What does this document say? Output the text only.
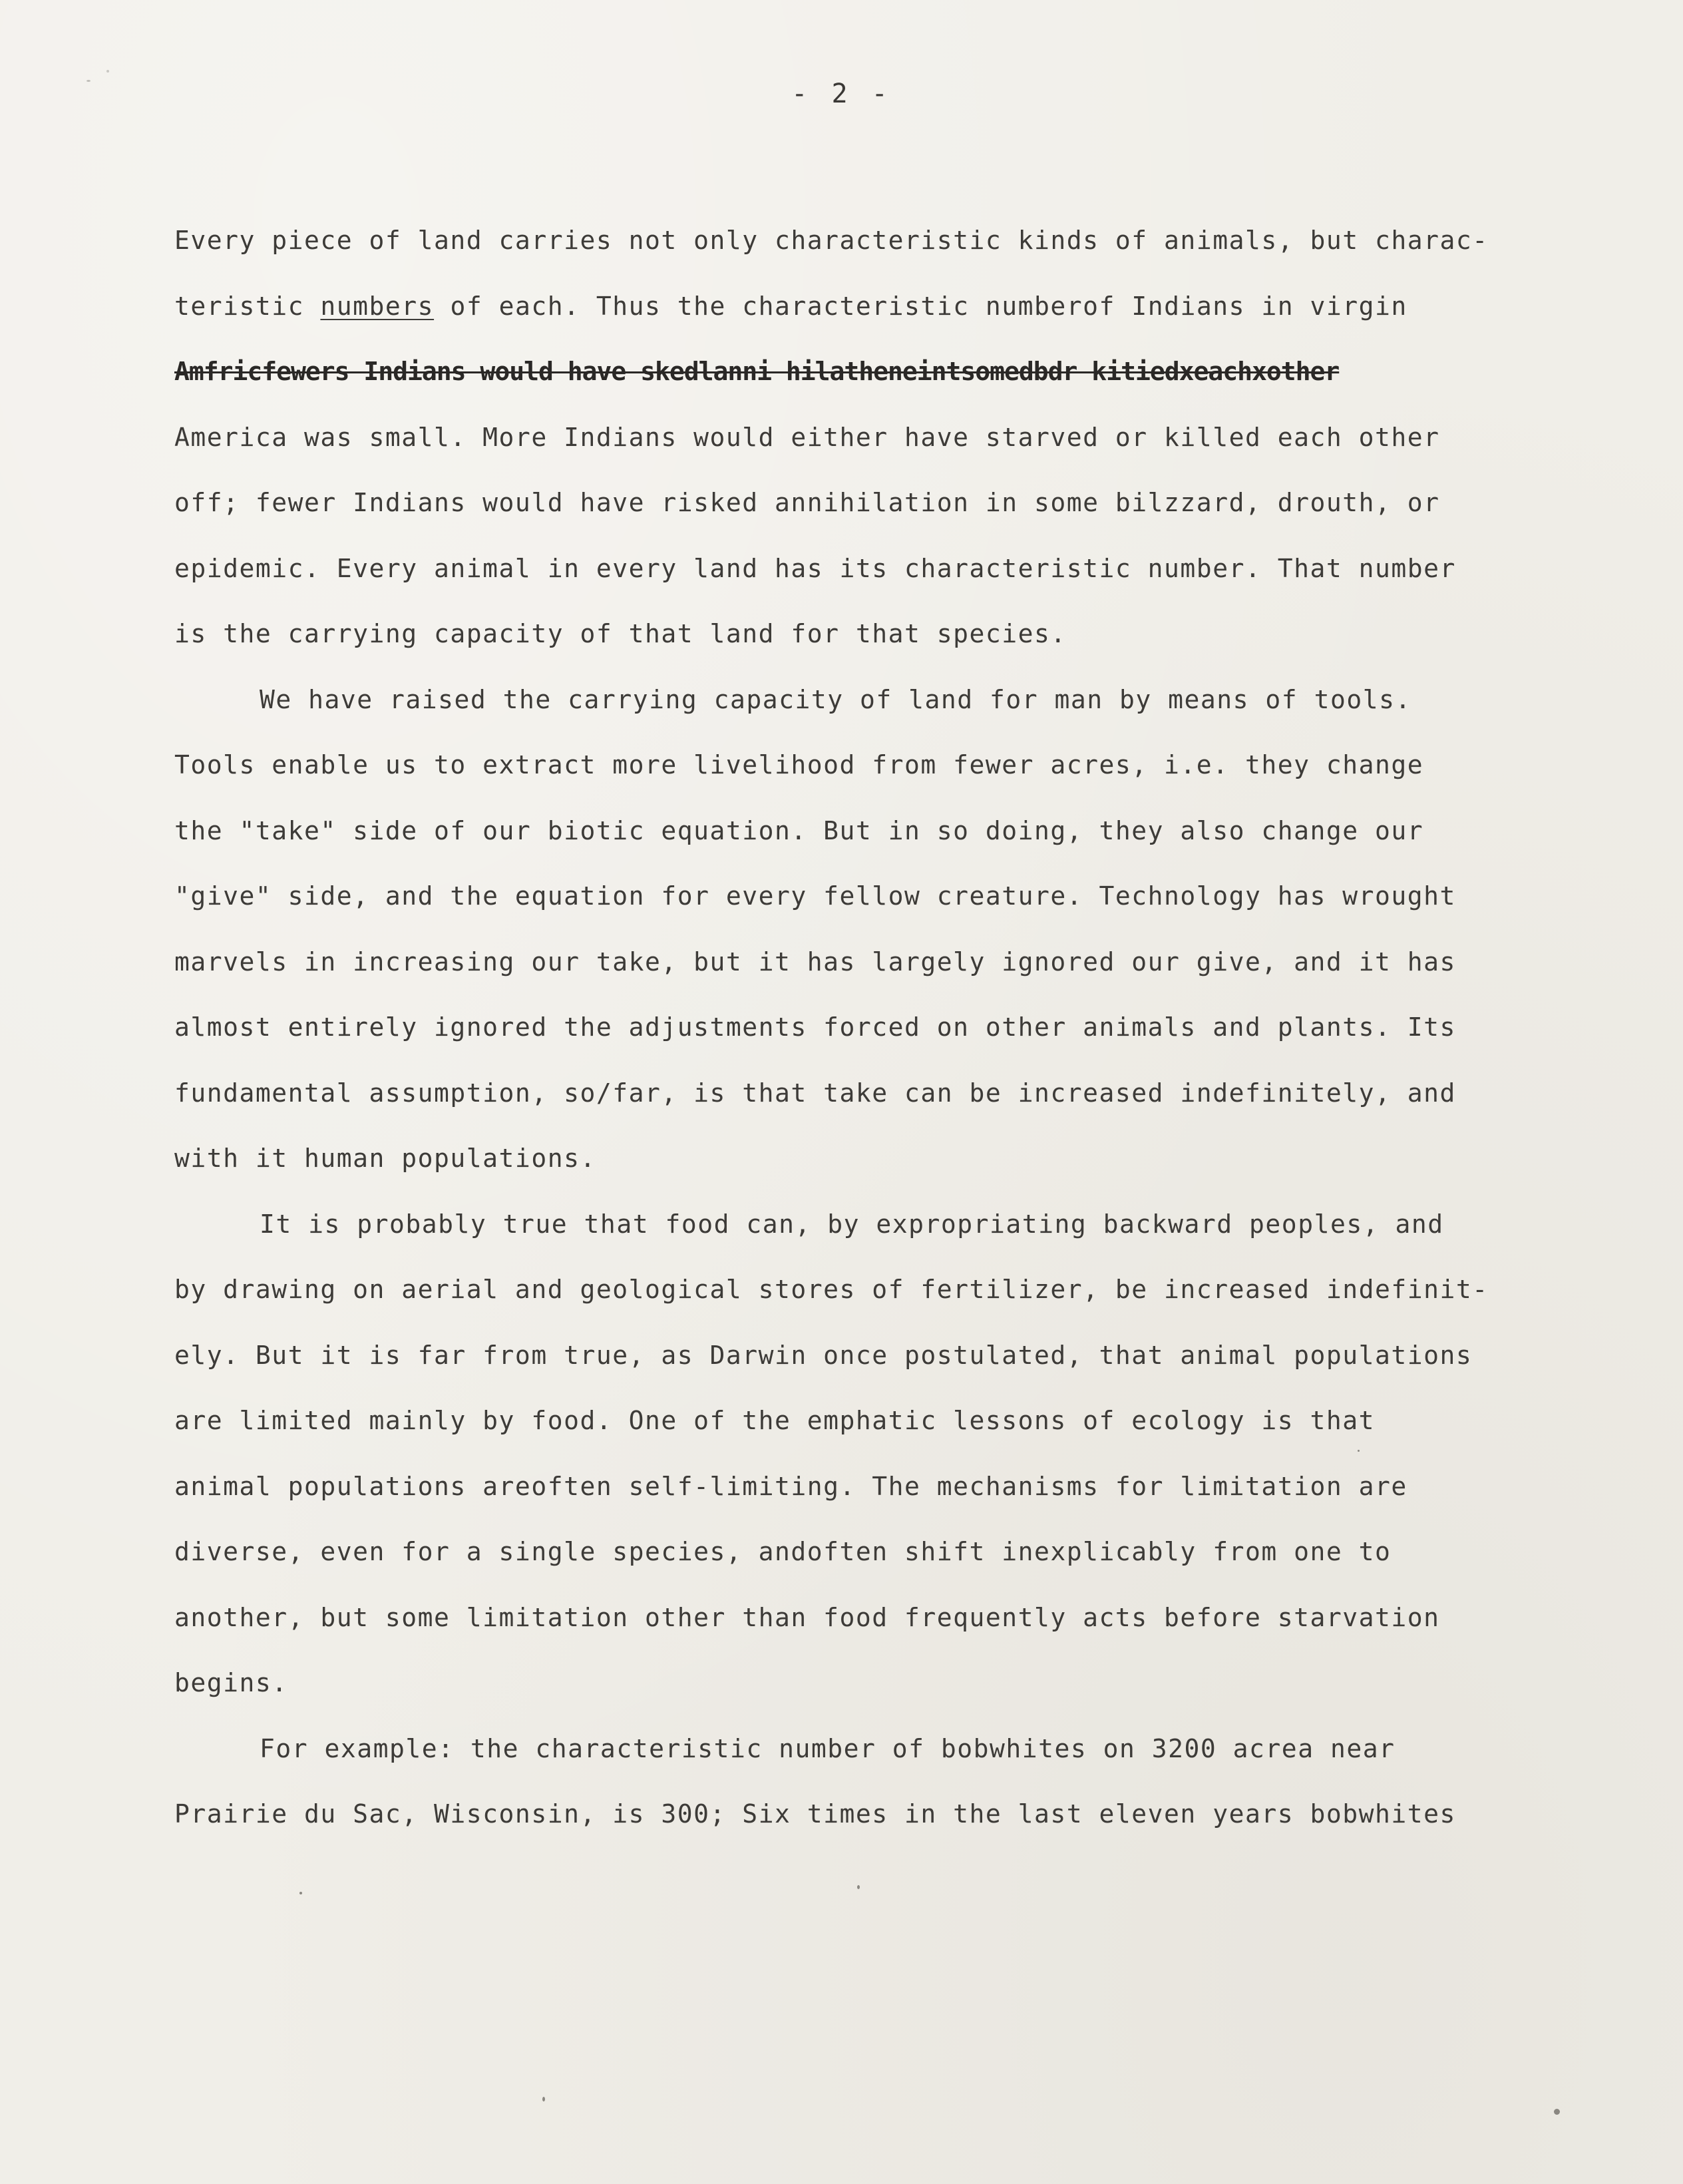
- 2 -
Every piece of land carries not only characteristic kinds of animals, but charac-
teristic numbers of each. Thus the characteristic numberof Indians in virgin
Amfricfewers Indians would have skedlanni hilatheneintsomedbdr kitiedxeachxother
America was small. More Indians would either have starved or killed each other
off; fewer Indians would have risked annihilation in some bilzzard, drouth, or
epidemic. Every animal in every land has its characteristic number. That number
is the carrying capacity of that land for that species.
We have raised the carrying capacity of land for man by means of tools.
Tools enable us to extract more livelihood from fewer acres, i.e. they change
the "take" side of our biotic equation. But in so doing, they also change our
"give" side, and the equation for every fellow creature. Technology has wrought
marvels in increasing our take, but it has largely ignored our give, and it has
almost entirely ignored the adjustments forced on other animals and plants. Its
fundamental assumption, so/far, is that take can be increased indefinitely, and
with it human populations.
It is probably true that food can, by expropriating backward peoples, and
by drawing on aerial and geological stores of fertilizer, be increased indefinit-
ely. But it is far from true, as Darwin once postulated, that animal populations
are limited mainly by food. One of the emphatic lessons of ecology is that
animal populations areoften self-limiting. The mechanisms for limitation are
diverse, even for a single species, andoften shift inexplicably from one to
another, but some limitation other than food frequently acts before starvation
begins.
For example: the characteristic number of bobwhites on 3200 acrea near
Prairie du Sac, Wisconsin, is 300; Six times in the last eleven years bobwhites
